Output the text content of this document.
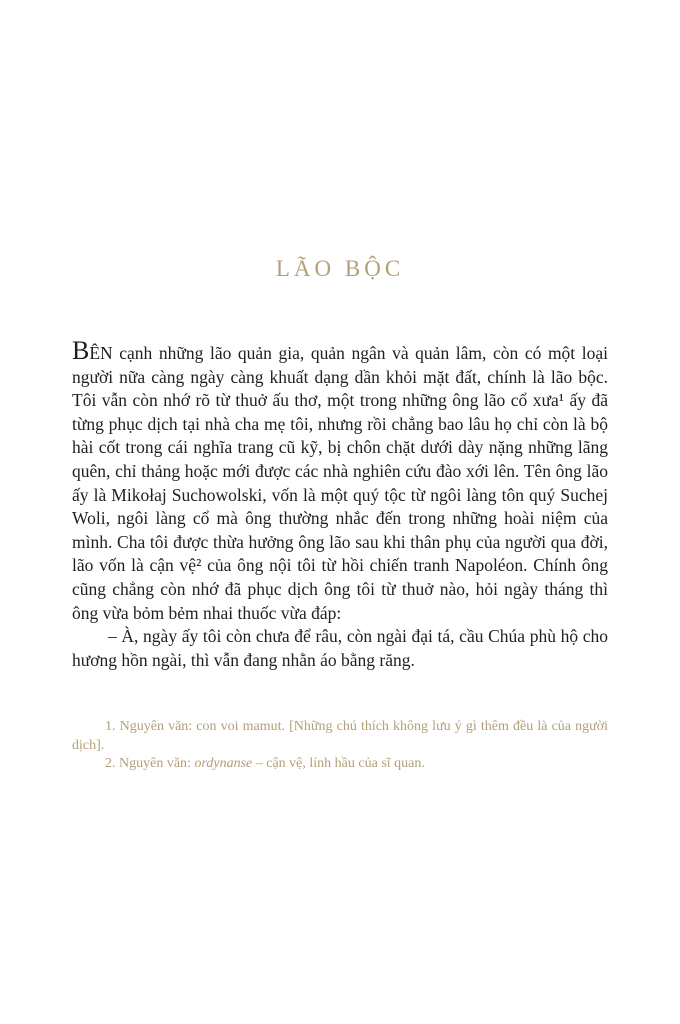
LÃO BỘC

BÊN cạnh những lão quản gia, quản ngân và quản lâm, còn có một loại người nữa càng ngày càng khuất dạng dần khỏi mặt đất, chính là lão bộc. Tôi vẫn còn nhớ rõ từ thuở ấu thơ, một trong những ông lão cổ xưa¹ ấy đã từng phục dịch tại nhà cha mẹ tôi, nhưng rồi chẳng bao lâu họ chỉ còn là bộ hài cốt trong cái nghĩa trang cũ kỹ, bị chôn chặt dưới dày nặng những lãng quên, chỉ thảng hoặc mới được các nhà nghiên cứu đào xới lên. Tên ông lão ấy là Mikołaj Suchowolski, vốn là một quý tộc từ ngôi làng tôn quý Suchej Woli, ngôi làng cổ mà ông thường nhắc đến trong những hoài niệm của mình. Cha tôi được thừa hưởng ông lão sau khi thân phụ của người qua đời, lão vốn là cận vệ² của ông nội tôi từ hồi chiến tranh Napoléon. Chính ông cũng chẳng còn nhớ đã phục dịch ông tôi từ thuở nào, hỏi ngày tháng thì ông vừa bỏm bẻm nhai thuốc vừa đáp:

– À, ngày ấy tôi còn chưa để râu, còn ngài đại tá, cầu Chúa phù hộ cho hương hồn ngài, thì vẫn đang nhằn áo bằng răng.

1. Nguyên văn: con voi mamut. [Những chú thích không lưu ý gì thêm đều là của người dịch].

2. Nguyên văn: ordynanse – cận vệ, lính hầu của sĩ quan.
